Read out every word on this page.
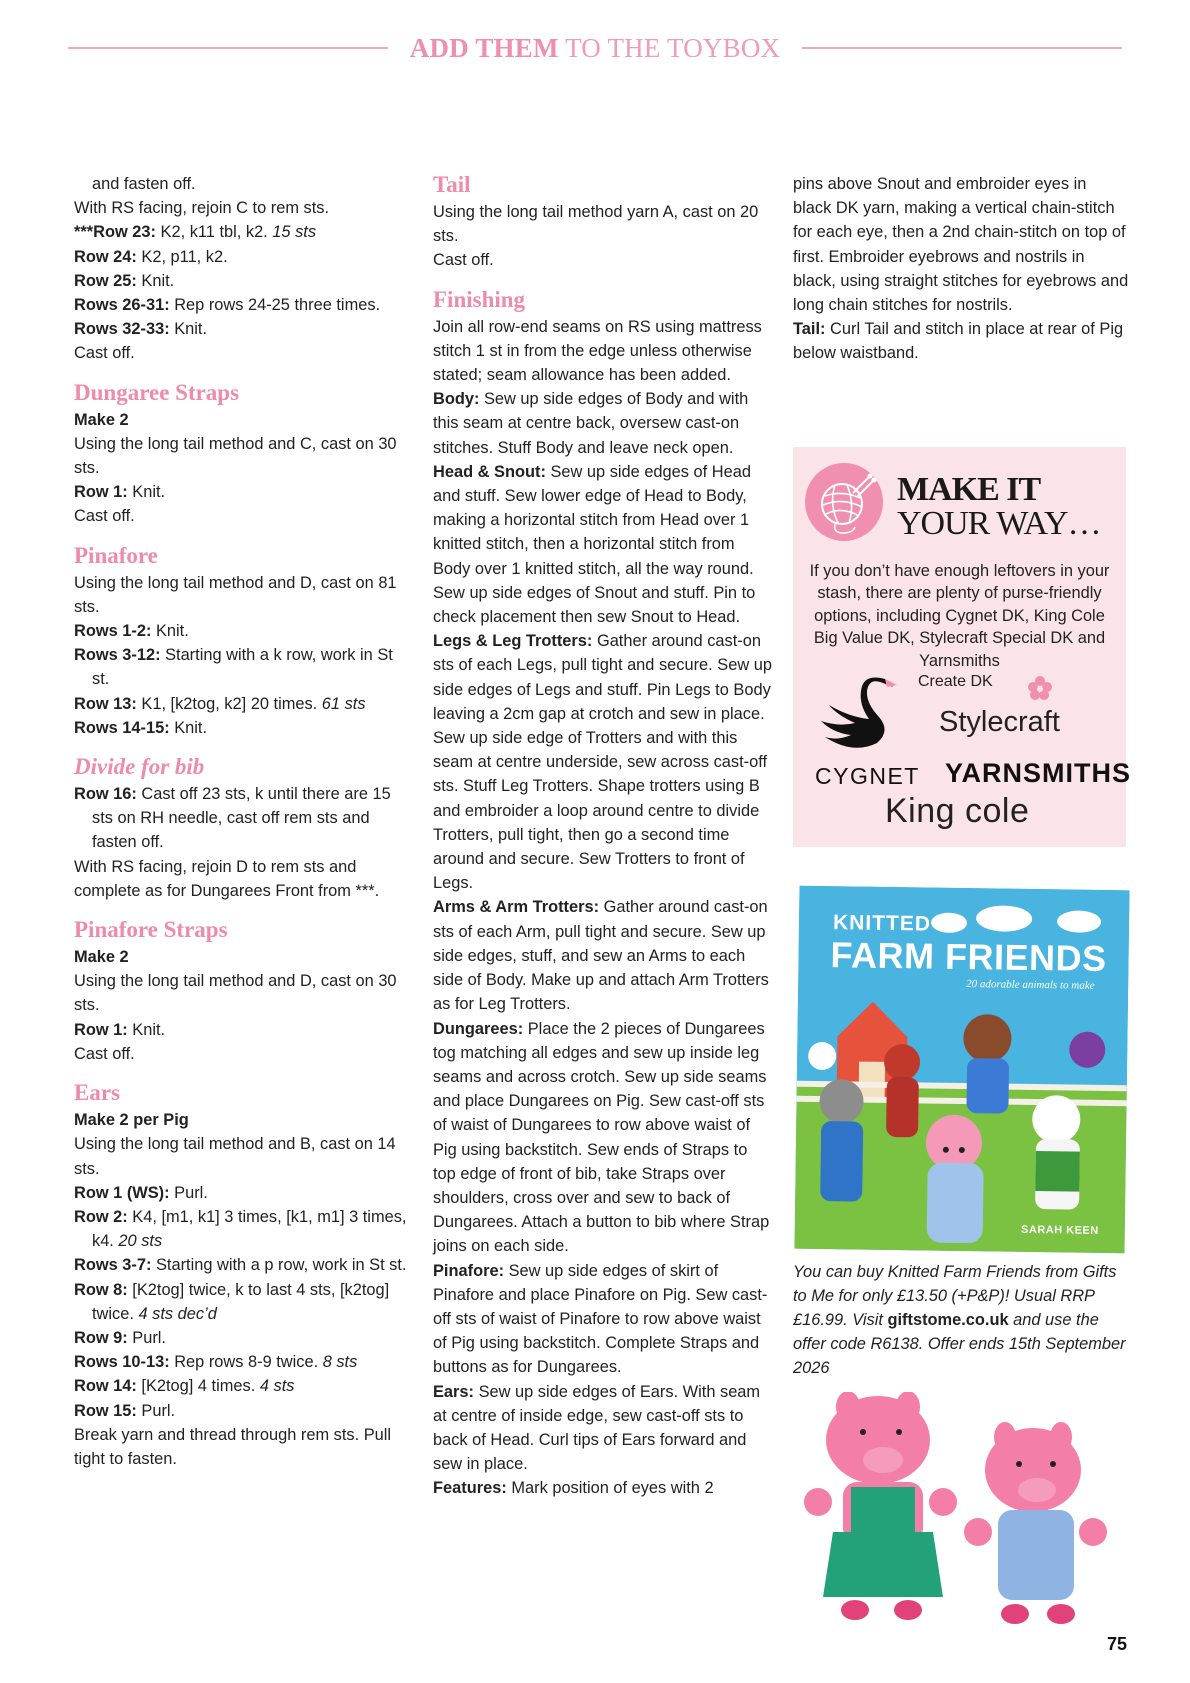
ADD THEM TO THE TOYBOX

and fasten off.

With RS facing, rejoin C to rem sts.

***Row 23: K2, k11 tbl, k2. 15 sts

Row 24: K2, p11, k2.

Row 25: Knit.

Rows 26-31: Rep rows 24-25 three times.

Rows 32-33: Knit.

Cast off.

Dungaree Straps

Make 2

Using the long tail method and C, cast on 30 sts.

Row 1: Knit.

Cast off.

Pinafore

Using the long tail method and D, cast on 81 sts.

Rows 1-2: Knit.

Rows 3-12: Starting with a k row, work in St st.

Row 13: K1, [k2tog, k2] 20 times. 61 sts

Rows 14-15: Knit.

Divide for bib

Row 16: Cast off 23 sts, k until there are 15 sts on RH needle, cast off rem sts and fasten off.

With RS facing, rejoin D to rem sts and complete as for Dungarees Front from ***.

Pinafore Straps

Make 2

Using the long tail method and D, cast on 30 sts.

Row 1: Knit.

Cast off.

Ears

Make 2 per Pig

Using the long tail method and B, cast on 14 sts.

Row 1 (WS): Purl.

Row 2: K4, [m1, k1] 3 times, [k1, m1] 3 times, k4. 20 sts

Rows 3-7: Starting with a p row, work in St st.

Row 8: [K2tog] twice, k to last 4 sts, [k2tog] twice. 4 sts dec’d

Row 9: Purl.

Rows 10-13: Rep rows 8-9 twice. 8 sts

Row 14: [K2tog] 4 times. 4 sts

Row 15: Purl.

Break yarn and thread through rem sts. Pull tight to fasten.

Tail

Using the long tail method yarn A, cast on 20 sts.

Cast off.

Finishing

Join all row-end seams on RS using mattress stitch 1 st in from the edge unless otherwise stated; seam allowance has been added.

Body: Sew up side edges of Body and with this seam at centre back, oversew cast-on stitches. Stuff Body and leave neck open.

Head & Snout: Sew up side edges of Head and stuff. Sew lower edge of Head to Body, making a horizontal stitch from Head over 1 knitted stitch, then a horizontal stitch from Body over 1 knitted stitch, all the way round. Sew up side edges of Snout and stuff. Pin to check placement then sew Snout to Head.

Legs & Leg Trotters: Gather around cast-on sts of each Legs, pull tight and secure. Sew up side edges of Legs and stuff. Pin Legs to Body leaving a 2cm gap at crotch and sew in place. Sew up side edge of Trotters and with this seam at centre underside, sew across cast-off sts. Stuff Leg Trotters. Shape trotters using B and embroider a loop around centre to divide Trotters, pull tight, then go a second time around and secure. Sew Trotters to front of Legs.

Arms & Arm Trotters: Gather around cast-on sts of each Arm, pull tight and secure. Sew up side edges, stuff, and sew an Arms to each side of Body. Make up and attach Arm Trotters as for Leg Trotters.

Dungarees: Place the 2 pieces of Dungarees tog matching all edges and sew up inside leg seams and across crotch. Sew up side seams and place Dungarees on Pig. Sew cast-off sts of waist of Dungarees to row above waist of Pig using backstitch. Sew ends of Straps to top edge of front of bib, take Straps over shoulders, cross over and sew to back of Dungarees. Attach a button to bib where Strap joins on each side.

Pinafore: Sew up side edges of skirt of Pinafore and place Pinafore on Pig. Sew cast-off sts of waist of Pinafore to row above waist of Pig using backstitch. Complete Straps and buttons as for Dungarees.

Ears: Sew up side edges of Ears. With seam at centre of inside edge, sew cast-off sts to back of Head. Curl tips of Ears forward and sew in place.

Features: Mark position of eyes with 2

pins above Snout and embroider eyes in black DK yarn, making a vertical chain-stitch for each eye, then a 2nd chain-stitch on top of first. Embroider eyebrows and nostrils in black, using straight stitches for eyebrows and long chain stitches for nostrils.

Tail: Curl Tail and stitch in place at rear of Pig below waistband.

MAKE IT
YOUR WAY…
If you don’t have enough leftovers in your stash, there are plenty of purse-friendly options, including Cygnet DK, King Cole Big Value DK, Stylecraft Special DK and Yarnsmiths
Create DK
Stylecraft
CYGNET YARNSMITHS
King cole
KNITTED
FARM FRIENDS
20 adorable animals to make
SARAH KEEN
You can buy Knitted Farm Friends from Gifts to Me for only £13.50 (+P&P)! Usual RRP £16.99. Visit giftstome.co.uk and use the offer code R6138. Offer ends 15th September 2026
75
